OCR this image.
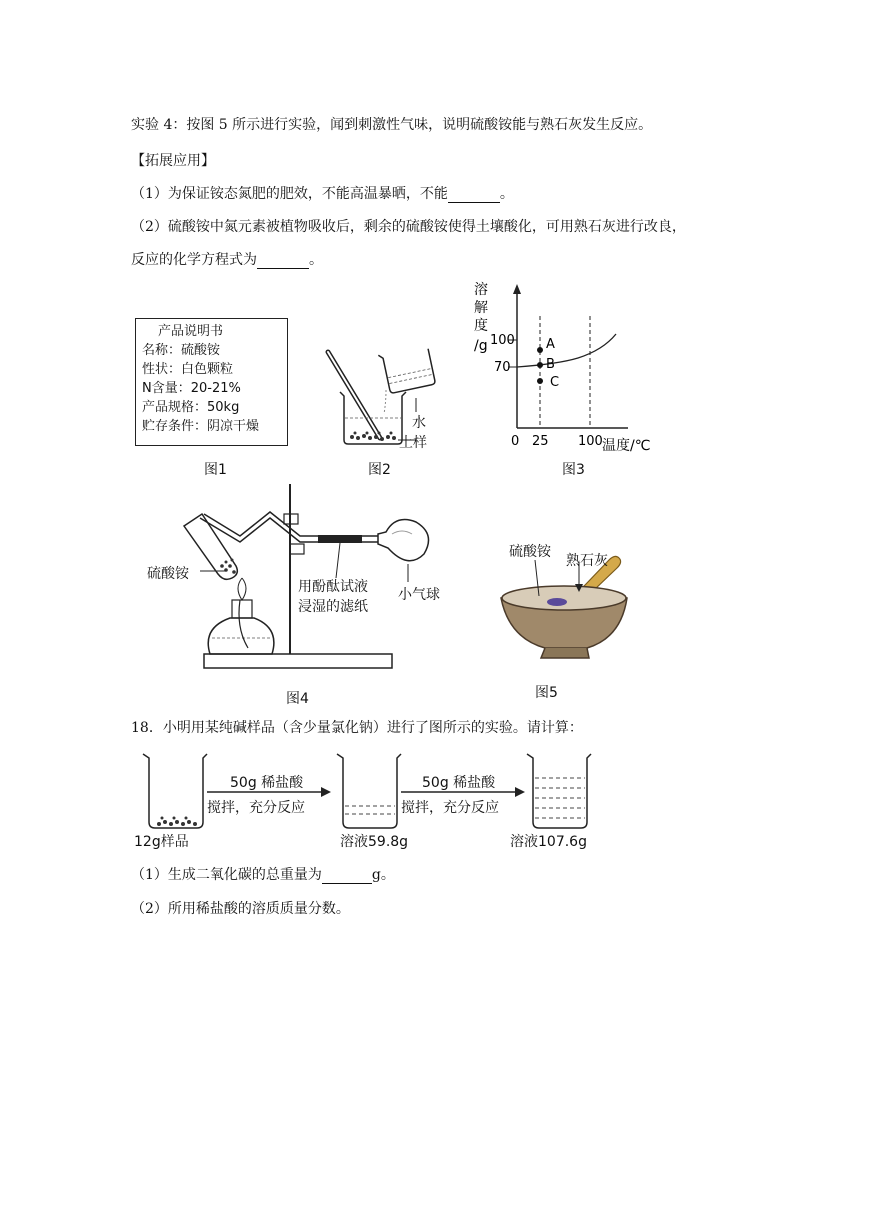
实验 4：按图 5 所示进行实验，闻到刺激性气味，说明硫酸铵能与熟石灰发生反应。
【拓展应用】
（1）为保证铵态氮肥的肥效，不能高温暴晒，不能	。
（2）硫酸铵中氮元素被植物吸收后，剩余的硫酸铵使得土壤酸化，可用熟石灰进行改良，
反应的化学方程式为	。
产品说明书
名称：硫酸铵
性状：白色颗粒
N含量：20-21%
产品规格：50kg
贮存条件：阴凉干燥
图1
水
土样
图2
溶
解
度
/g 100
70
A
B
C
0 25 100 温度/℃
图3
硫酸铵
用酚酞试液
浸湿的滤纸
小气球
图4
硫酸铵
熟石灰
图5
18．小明用某纯碱样品（含少量氯化钠）进行了图所示的实验。请计算：
50g 稀盐酸
搅拌，充分反应
50g 稀盐酸
搅拌，充分反应
12g样品	溶液59.8g	溶液107.6g
（1）生成二氧化碳的总重量为	g。
（2）所用稀盐酸的溶质质量分数。
